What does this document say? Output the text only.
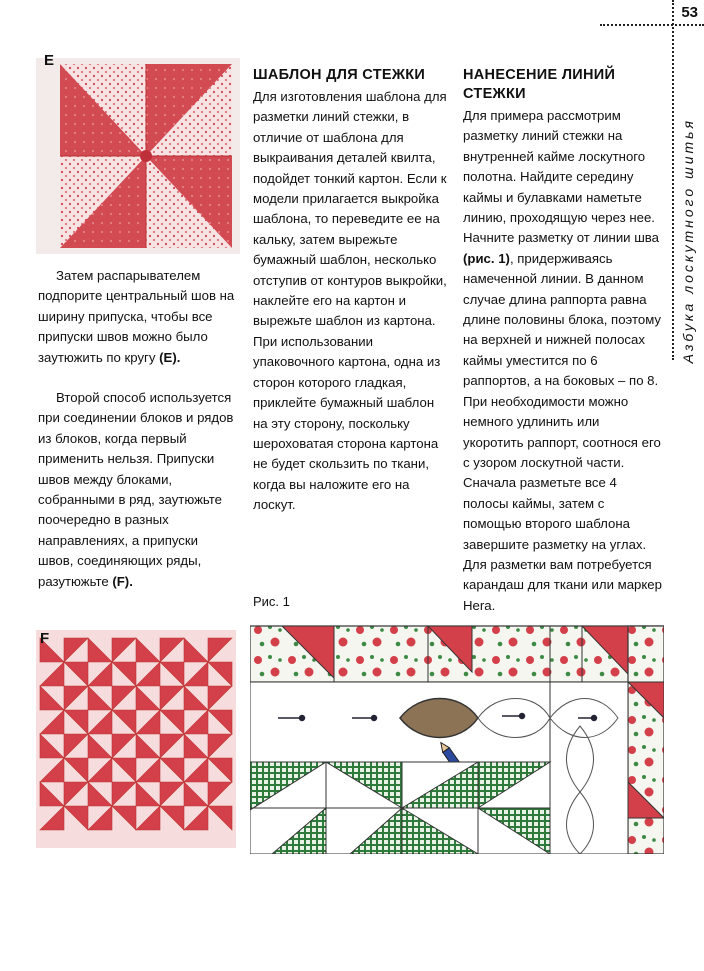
53
Азбука лоскутного шитья
E

Затем распарывателем подпорите центральный шов на ширину припуска, чтобы все припуски швов можно было заутюжить по кругу (E).

Второй способ используется при соединении блоков и рядов из блоков, когда первый применить нельзя. Припуски швов между блоками, собранными в ряд, заутюжьте поочередно в разных направлениях, а припуски швов, соединяющих ряды, разутюжьте (F).

ШАБЛОН ДЛЯ СТЕЖКИ
Для изготовления шаблона для разметки линий стежки, в отличие от шаблона для выкраивания деталей квилта, подойдет тонкий картон. Если к модели прилагается выкройка шаблона, то переведите ее на кальку, затем вырежьте бумажный шаблон, несколько отступив от контуров выкройки, наклейте его на картон и вырежьте шаблон из картона. При использовании упаковочного картона, одна из сторон которого гладкая, приклейте бумажный шаблон на эту сторону, поскольку шероховатая сторона картона не будет скользить по ткани, когда вы наложите его на лоскут.
НАНЕСЕНИЕ ЛИНИЙ СТЕЖКИ
Для примера рассмотрим разметку линий стежки на внутренней кайме лоскутного полотна. Найдите середину каймы и булавками наметьте линию, проходящую через нее. Начните разметку от линии шва (рис. 1), придерживаясь намеченной линии. В данном случае длина раппорта равна длине половины блока, поэтому на верхней и нижней полосах каймы уместится по 6 раппортов, а на боковых – по 8. При необходимости можно немного удлинить или укоротить раппорт, соотнося его с узором лоскутной части. Сначала разметьте все 4 полосы каймы, затем с помощью второго шаблона завершите разметку на углах. Для разметки вам потребуется карандаш для ткани или маркер Hera.
F
Рис. 1
